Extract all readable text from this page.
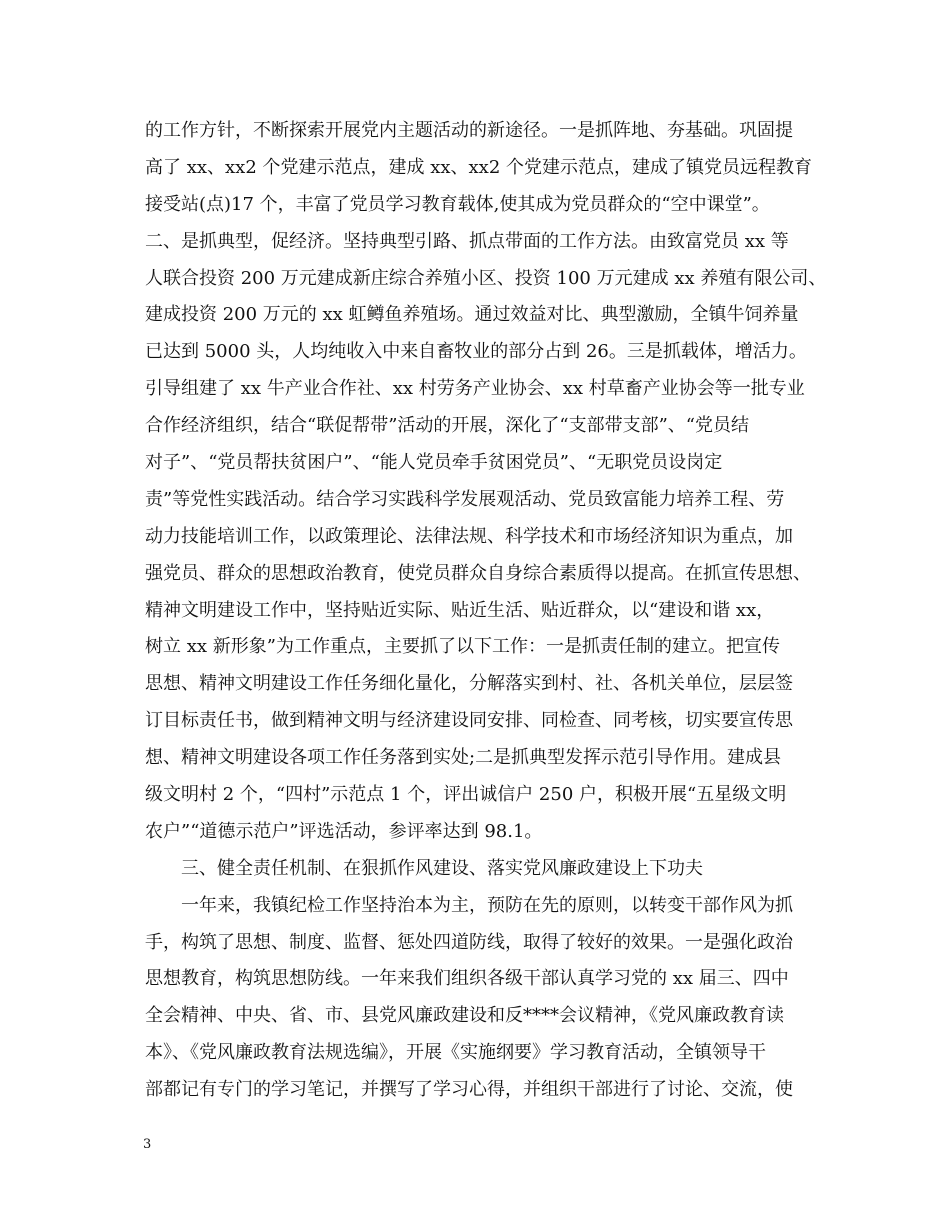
的工作方针，不断探索开展党内主题活动的新途径。一是抓阵地、夯基础。巩固提
高了 xx、xx2 个党建示范点，建成 xx、xx2 个党建示范点，建成了镇党员远程教育
接受站(点)17 个，丰富了党员学习教育载体,使其成为党员群众的“空中课堂”。
二、是抓典型，促经济。坚持典型引路、抓点带面的工作方法。由致富党员 xx 等
人联合投资 200 万元建成新庄综合养殖小区、投资 100 万元建成 xx 养殖有限公司、
建成投资 200 万元的 xx 虹鳟鱼养殖场。通过效益对比、典型激励，全镇牛饲养量
已达到 5000 头，人均纯收入中来自畜牧业的部分占到 26。三是抓载体，增活力。
引导组建了 xx 牛产业合作社、xx 村劳务产业协会、xx 村草畜产业协会等一批专业
合作经济组织，结合“联促帮带”活动的开展，深化了“支部带支部”、“党员结
对子”、“党员帮扶贫困户”、“能人党员牵手贫困党员”、“无职党员设岗定
责”等党性实践活动。结合学习实践科学发展观活动、党员致富能力培养工程、劳
动力技能培训工作，以政策理论、法律法规、科学技术和市场经济知识为重点，加
强党员、群众的思想政治教育，使党员群众自身综合素质得以提高。在抓宣传思想、
精神文明建设工作中，坚持贴近实际、贴近生活、贴近群众，以“建设和谐 xx，
树立 xx 新形象”为工作重点，主要抓了以下工作：一是抓责任制的建立。把宣传
思想、精神文明建设工作任务细化量化，分解落实到村、社、各机关单位，层层签
订目标责任书，做到精神文明与经济建设同安排、同检查、同考核，切实要宣传思
想、精神文明建设各项工作任务落到实处;二是抓典型发挥示范引导作用。建成县
级文明村 2 个，“四村”示范点 1 个，评出诚信户 250 户，积极开展“五星级文明
农户”“道德示范户”评选活动，参评率达到 98.1。
三、健全责任机制、在狠抓作风建设、落实党风廉政建设上下功夫
一年来，我镇纪检工作坚持治本为主，预防在先的原则，以转变干部作风为抓
手，构筑了思想、制度、监督、惩处四道防线，取得了较好的效果。一是强化政治
思想教育，构筑思想防线。一年来我们组织各级干部认真学习党的 xx 届三、四中
全会精神、中央、省、市、县党风廉政建设和反****会议精神，《党风廉政教育读
本》、《党风廉政教育法规选编》，开展《实施纲要》学习教育活动，全镇领导干
部都记有专门的学习笔记，并撰写了学习心得，并组织干部进行了讨论、交流，使
3
